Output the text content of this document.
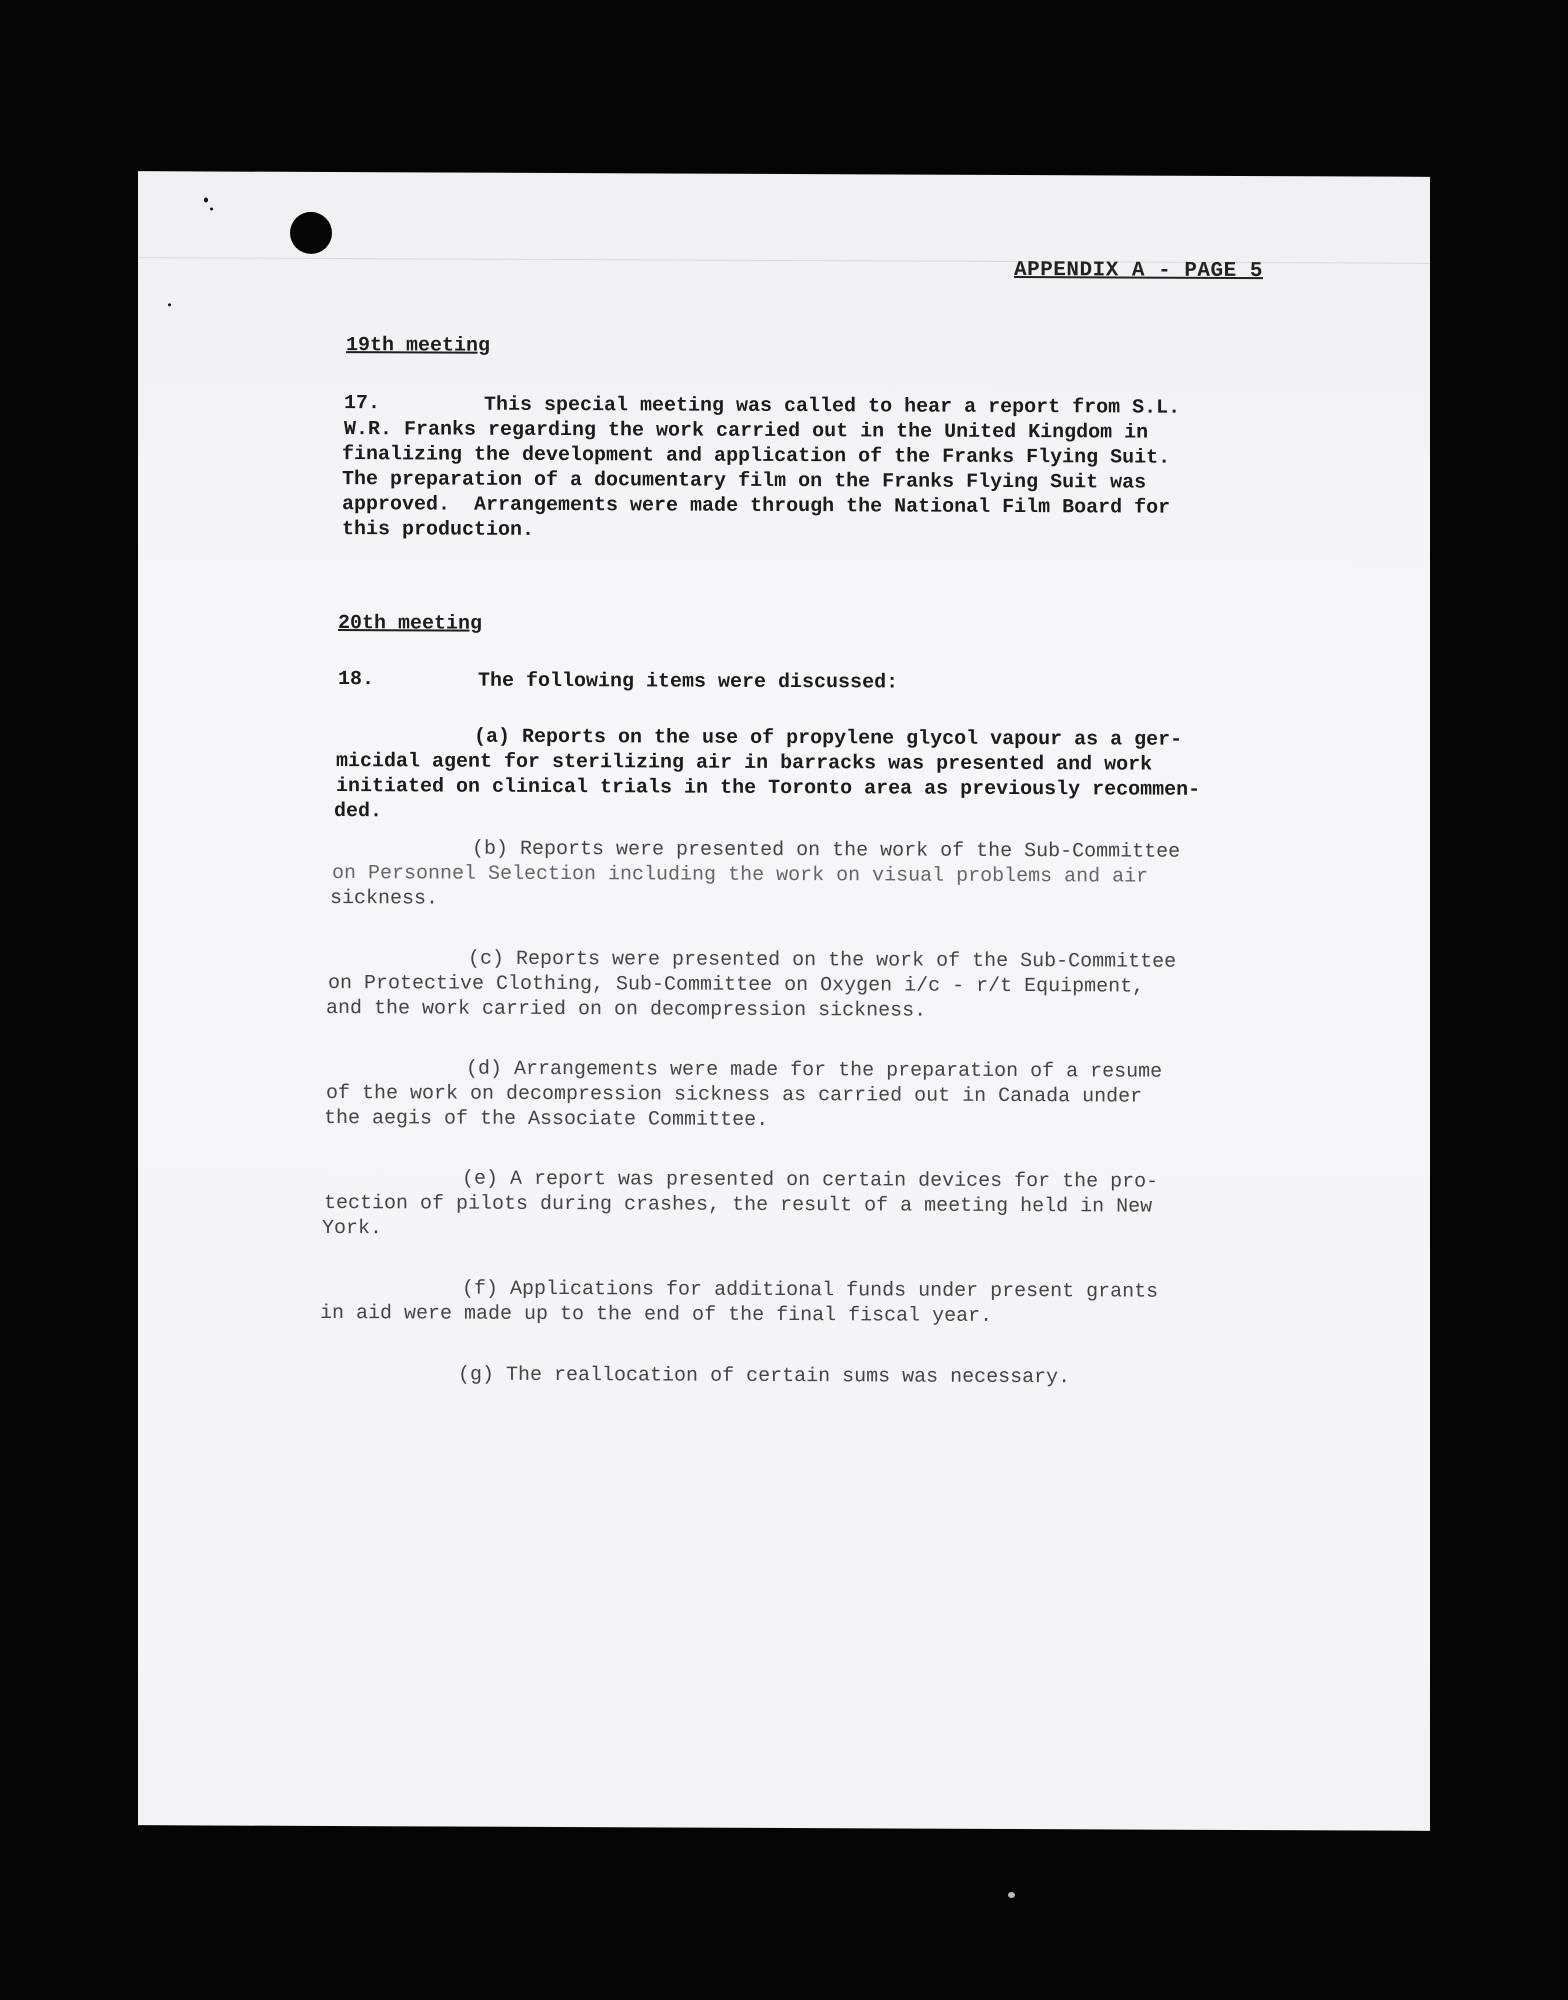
APPENDIX A - PAGE 5
19th meeting
17.	This special meeting was called to hear a report from S.L.
W.R. Franks regarding the work carried out in the United Kingdom in
finalizing the development and application of the Franks Flying Suit.
The preparation of a documentary film on the Franks Flying Suit was
approved.  Arrangements were made through the National Film Board for
this production.
20th meeting
18.	The following items were discussed:
(a) Reports on the use of propylene glycol vapour as a ger-
micidal agent for sterilizing air in barracks was presented and work
initiated on clinical trials in the Toronto area as previously recommen-
ded.
(b) Reports were presented on the work of the Sub-Committee
on Personnel Selection including the work on visual problems and air
sickness.
(c) Reports were presented on the work of the Sub-Committee
on Protective Clothing, Sub-Committee on Oxygen i/c - r/t Equipment,
and the work carried on on decompression sickness.
(d) Arrangements were made for the preparation of a resume
of the work on decompression sickness as carried out in Canada under
the aegis of the Associate Committee.
(e) A report was presented on certain devices for the pro-
tection of pilots during crashes, the result of a meeting held in New
York.
(f) Applications for additional funds under present grants
in aid were made up to the end of the final fiscal year.
(g) The reallocation of certain sums was necessary.
